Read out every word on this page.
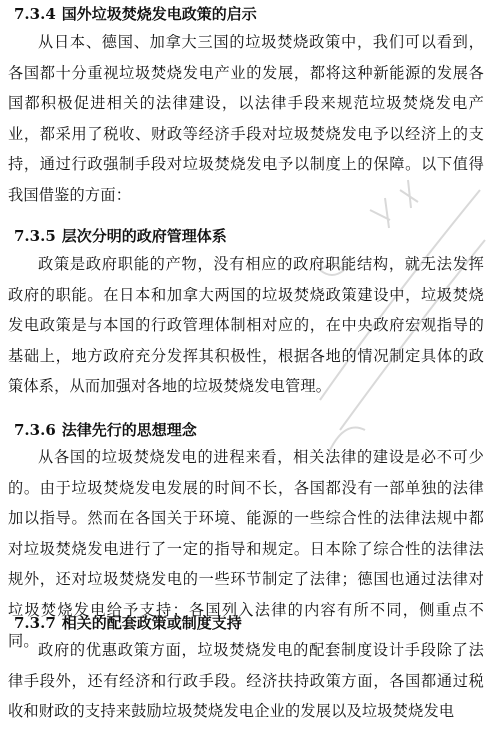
7.3.4 国外垃圾焚烧发电政策的启示
从日本、德国、加拿大三国的垃圾焚烧政策中，我们可以看到，各国都十分重视垃圾焚烧发电产业的发展，都将这种新能源的发展各国都积极促进相关的法律建设，以法律手段来规范垃圾焚烧发电产业，都采用了税收、财政等经济手段对垃圾焚烧发电予以经济上的支持，通过行政强制手段对垃圾焚烧发电予以制度上的保障。以下值得我国借鉴的方面：
7.3.5 层次分明的政府管理体系
政策是政府职能的产物，没有相应的政府职能结构，就无法发挥政府的职能。在日本和加拿大两国的垃圾焚烧政策建设中，垃圾焚烧发电政策是与本国的行政管理体制相对应的，在中央政府宏观指导的基础上，地方政府充分发挥其积极性，根据各地的情况制定具体的政策体系，从而加强对各地的垃圾焚烧发电管理。
7.3.6 法律先行的思想理念
从各国的垃圾焚烧发电的进程来看，相关法律的建设是必不可少的。由于垃圾焚烧发电发展的时间不长，各国都没有一部单独的法律加以指导。然而在各国关于环境、能源的一些综合性的法律法规中都对垃圾焚烧发电进行了一定的指导和规定。日本除了综合性的法律法规外，还对垃圾焚烧发电的一些环节制定了法律；德国也通过法律对垃圾焚烧发电给予支持；各国列入法律的内容有所不同，侧重点不同。
7.3.7 相关的配套政策或制度支持
政府的优惠政策方面，垃圾焚烧发电的配套制度设计手段除了法律手段外，还有经济和行政手段。经济扶持政策方面，各国都通过税收和财政的支持来鼓励垃圾焚烧发电企业的发展以及垃圾焚烧发电
